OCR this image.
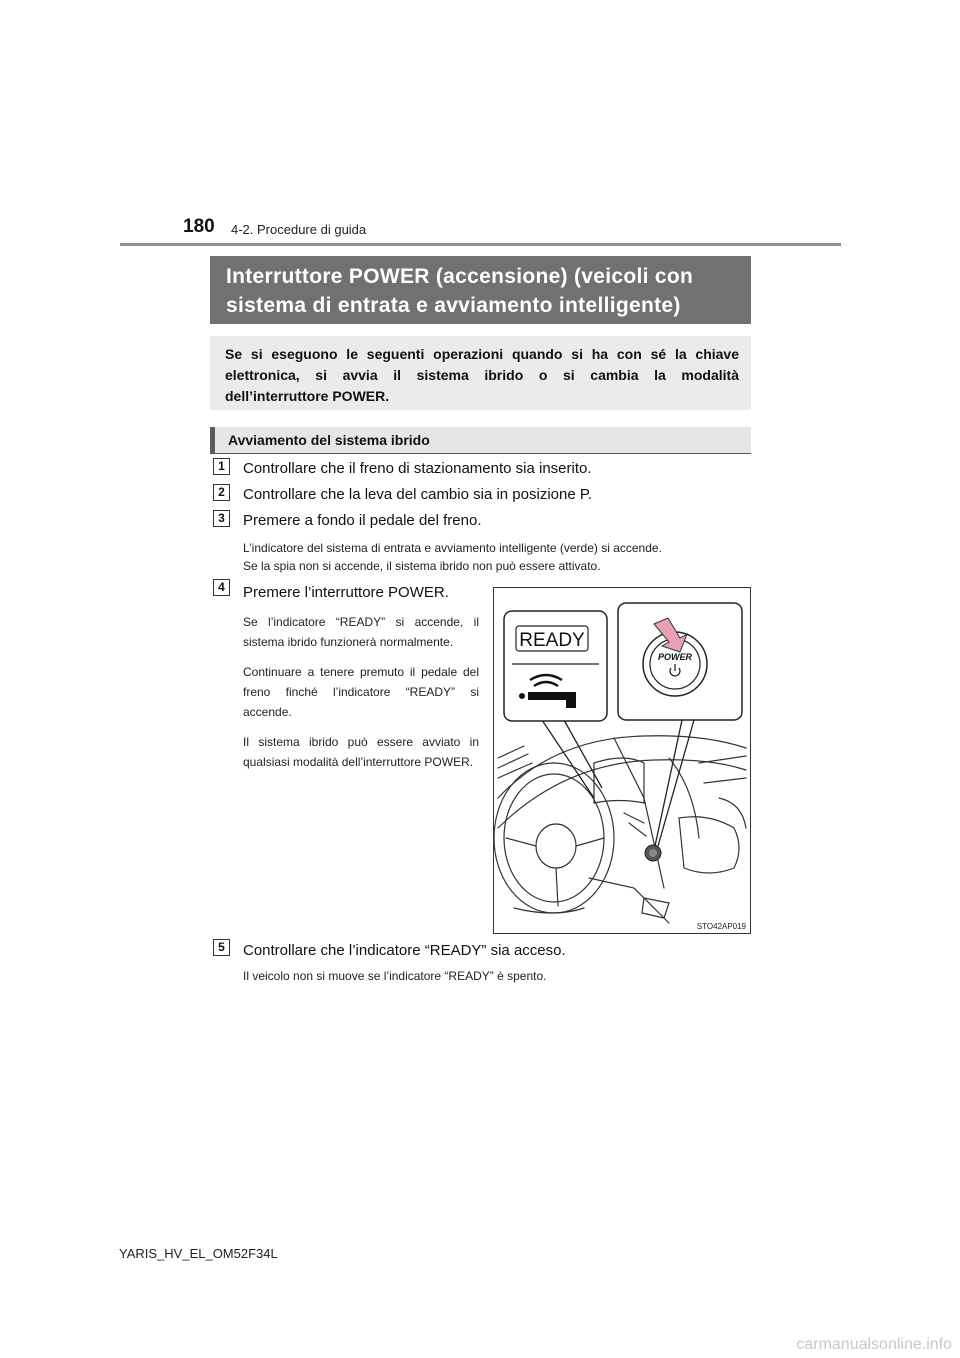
180 4-2. Procedure di guida
Interruttore POWER (accensione) (veicoli con
sistema di entrata e avviamento intelligente)
Se si eseguono le seguenti operazioni quando si ha con sé la chiave
elettronica, si avvia il sistema ibrido o si cambia la modalità
dell’interruttore POWER.
Avviamento del sistema ibrido
1	Controllare che il freno di stazionamento sia inserito.
2	Controllare che la leva del cambio sia in posizione P.
3	Premere a fondo il pedale del freno.
L’indicatore del sistema di entrata e avviamento intelligente (verde) si accende.
Se la spia non si accende, il sistema ibrido non può essere attivato.
4	Premere l’interruttore POWER.

Se l’indicatore “READY” si accende, il sistema ibrido funzionerà normalmente.

Continuare a tenere premuto il pedale del freno finché l’indicatore “READY” si accende.

Il sistema ibrido può essere avviato in qualsiasi modalità dell’interruttore POWER.

READY
POWER
STO42AP019
5	Controllare che l’indicatore “READY” sia acceso.
Il veicolo non si muove se l’indicatore “READY” è spento.
YARIS_HV_EL_OM52F34L
carmanualsonline.info
